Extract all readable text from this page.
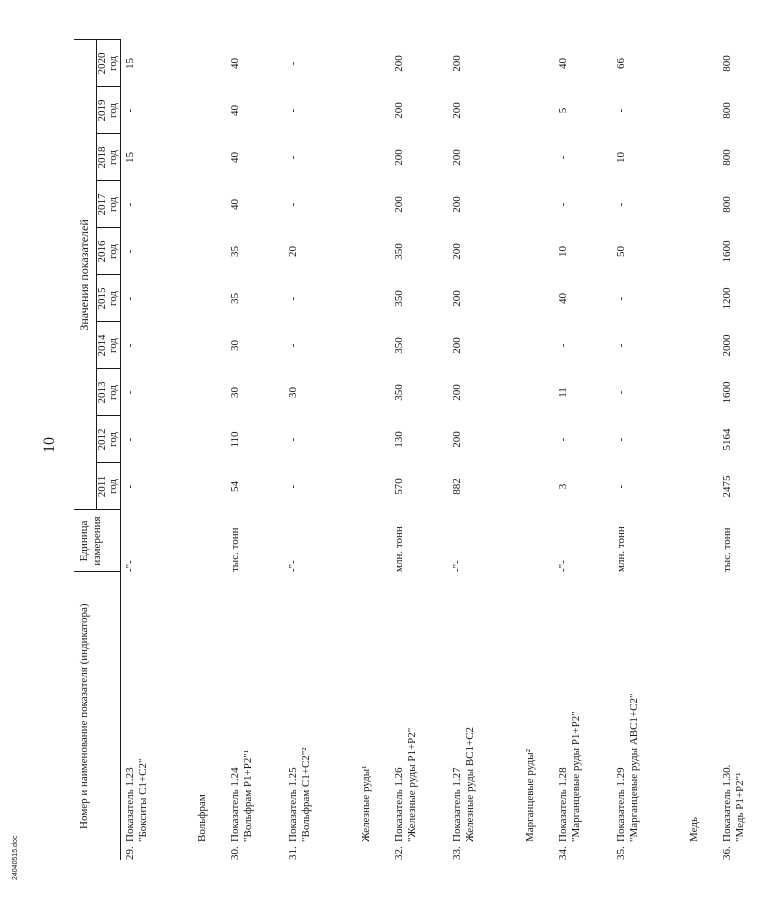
10
Номер и наименование показателя (индикатора)		Единица измерения	Значения показателей									

			2011 год	2012 год	2013 год	2014 год	2015 год	2016 год	2017 год	2018 год	2019 год	2020 год

29.	Показатель 1.23 "Бокситы C1+C2"	-"-	-	-	-	-	-	-	-	15	-	15
	Вольфрам											
30.	Показатель 1.24 "Вольфрам P1+P2"¹	тыс. тонн	54	110	30	30	35	35	40	40	40	40
31.	Показатель 1.25 "Вольфрам C1+C2"²	-"-	-	-	30	-	-	20	-	-	-	-
	Железные руды¹											
32.	Показатель 1.26 "Железные руды P1+P2"	млн. тонн	570	130	350	350	350	350	200	200	200	200
33.	Показатель 1.27 Железные руды BC1+C2	-"-	882	200	200	200	200	200	200	200	200	200
	Марганцевые руды²											
34.	Показатель 1.28 "Марганцевые руды P1+P2"	-"-	3	-	11	-	40	10	-	-	5	40
35.	Показатель 1.29 "Марганцевые руды ABC1+C2"	млн. тонн	-	-	-	-	-	50	-	10	-	66
	Медь											
36.	Показатель 1.30. "Медь P1+P2"¹	тыс. тонн	2475	5164	1600	2000	1200	1600	800	800	800	800
24040515.doc
